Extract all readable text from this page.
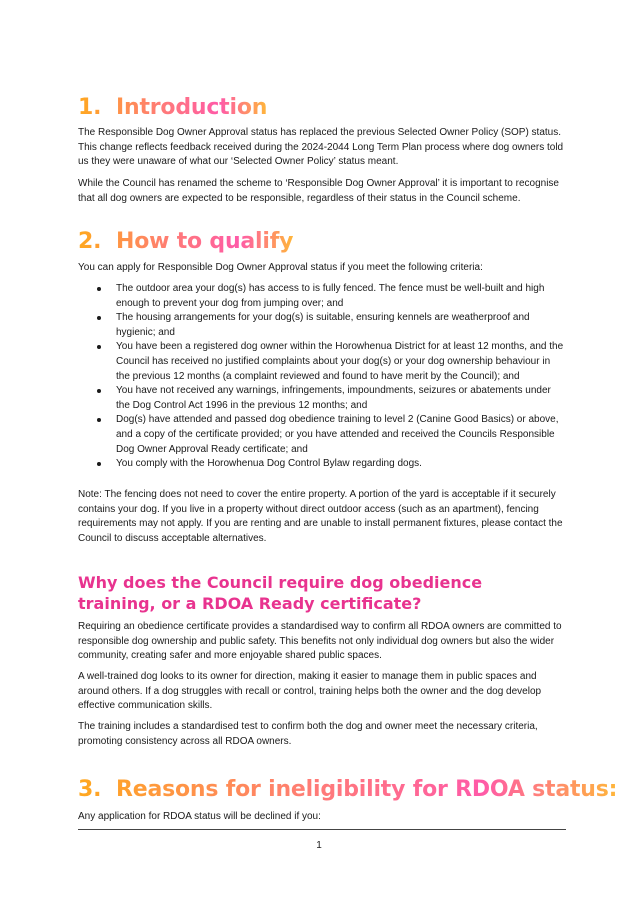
1. Introduction

The Responsible Dog Owner Approval status has replaced the previous Selected Owner Policy (SOP) status. This change reflects feedback received during the 2024-2044 Long Term Plan process where dog owners told us they were unaware of what our ‘Selected Owner Policy’ status meant.

While the Council has renamed the scheme to ‘Responsible Dog Owner Approval’ it is important to recognise that all dog owners are expected to be responsible, regardless of their status in the Council scheme.

2. How to qualify

You can apply for Responsible Dog Owner Approval status if you meet the following criteria:

The outdoor area your dog(s) has access to is fully fenced. The fence must be well-built and high enough to prevent your dog from jumping over; and
The housing arrangements for your dog(s) is suitable, ensuring kennels are weatherproof and hygienic; and
You have been a registered dog owner within the Horowhenua District for at least 12 months, and the Council has received no justified complaints about your dog(s) or your dog ownership behaviour in the previous 12 months (a complaint reviewed and found to have merit by the Council); and
You have not received any warnings, infringements, impoundments, seizures or abatements under the Dog Control Act 1996 in the previous 12 months; and
Dog(s) have attended and passed dog obedience training to level 2 (Canine Good Basics) or above, and a copy of the certificate provided; or you have attended and received the Councils Responsible Dog Owner Approval Ready certificate; and
You comply with the Horowhenua Dog Control Bylaw regarding dogs.

Note: The fencing does not need to cover the entire property. A portion of the yard is acceptable if it securely contains your dog. If you live in a property without direct outdoor access (such as an apartment), fencing requirements may not apply. If you are renting and are unable to install permanent fixtures, please contact the Council to discuss acceptable alternatives.

Why does the Council require dog obedience training, or a RDOA Ready certificate?

Requiring an obedience certificate provides a standardised way to confirm all RDOA owners are committed to responsible dog ownership and public safety. This benefits not only individual dog owners but also the wider community, creating safer and more enjoyable shared public spaces.

A well-trained dog looks to its owner for direction, making it easier to manage them in public spaces and around others. If a dog struggles with recall or control, training helps both the owner and the dog develop effective communication skills.

The training includes a standardised test to confirm both the dog and owner meet the necessary criteria, promoting consistency across all RDOA owners.

3. Reasons for ineligibility for RDOA status:

Any application for RDOA status will be declined if you:

1
